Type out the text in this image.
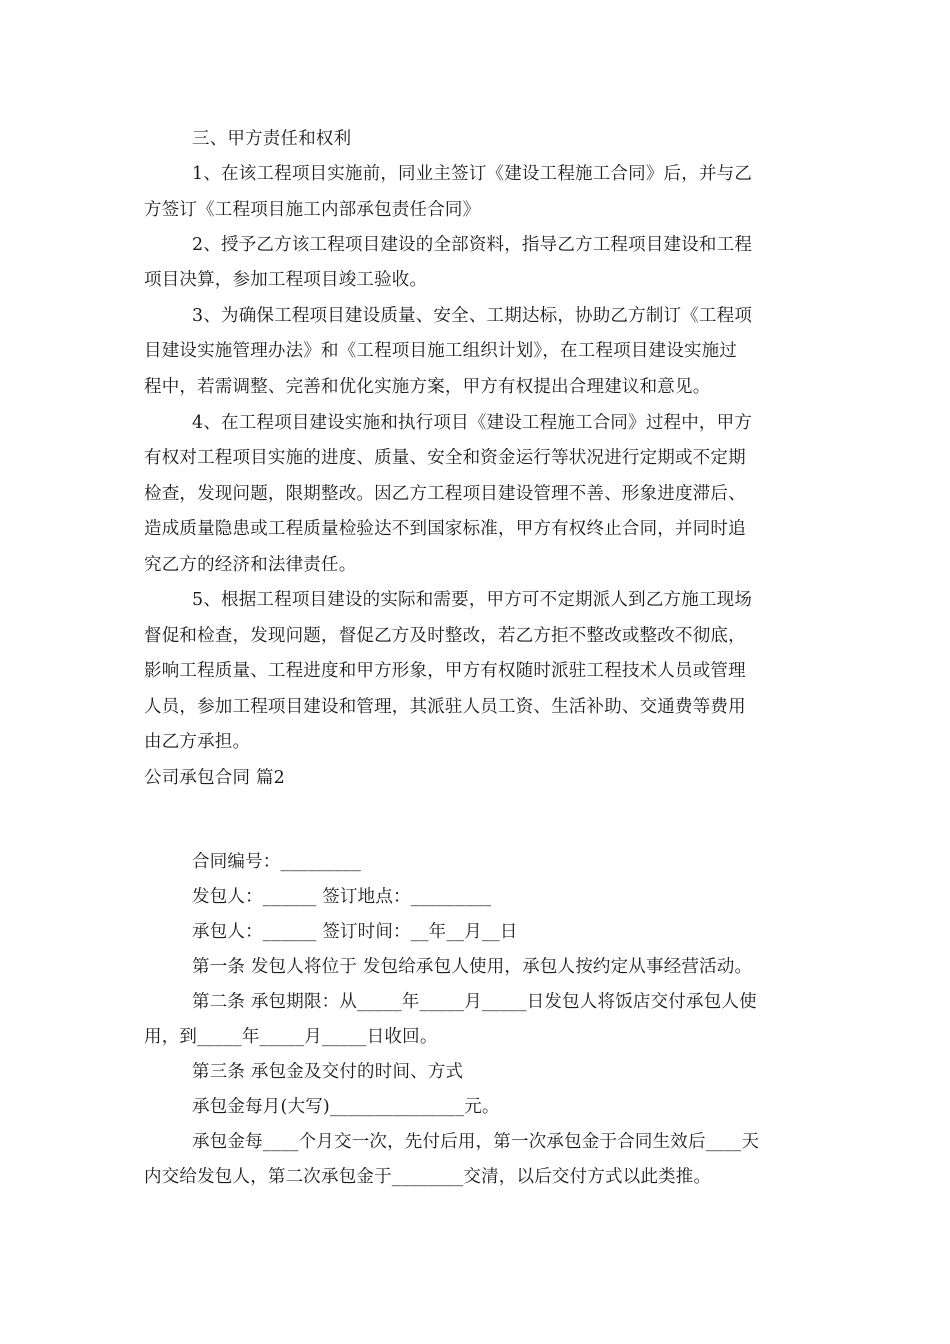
三、甲方责任和权利
1、在该工程项目实施前，同业主签订《建设工程施工合同》后，并与乙
方签订《工程项目施工内部承包责任合同》
2、授予乙方该工程项目建设的全部资料，指导乙方工程项目建设和工程
项目决算，参加工程项目竣工验收。
3、为确保工程项目建设质量、安全、工期达标，协助乙方制订《工程项
目建设实施管理办法》和《工程项目施工组织计划》，在工程项目建设实施过
程中，若需调整、完善和优化实施方案，甲方有权提出合理建议和意见。
4、在工程项目建设实施和执行项目《建设工程施工合同》过程中，甲方
有权对工程项目实施的进度、质量、安全和资金运行等状况进行定期或不定期
检查，发现问题，限期整改。因乙方工程项目建设管理不善、形象进度滞后、
造成质量隐患或工程质量检验达不到国家标准，甲方有权终止合同，并同时追
究乙方的经济和法律责任。
5、根据工程项目建设的实际和需要，甲方可不定期派人到乙方施工现场
督促和检查，发现问题，督促乙方及时整改，若乙方拒不整改或整改不彻底，
影响工程质量、工程进度和甲方形象，甲方有权随时派驻工程技术人员或管理
人员，参加工程项目建设和管理，其派驻人员工资、生活补助、交通费等费用
由乙方承担。
公司承包合同 篇2
合同编号：_________
发包人：______ 签订地点：_________
承包人：______ 签订时间：__年__月__日
第一条 发包人将位于 发包给承包人使用，承包人按约定从事经营活动。
第二条 承包期限：从_____年_____月_____日发包人将饭店交付承包人使
用，到_____年_____月_____日收回。
第三条 承包金及交付的时间、方式
承包金每月(大写)_______________元。
承包金每____个月交一次，先付后用，第一次承包金于合同生效后____天
内交给发包人，第二次承包金于________交清，以后交付方式以此类推。
